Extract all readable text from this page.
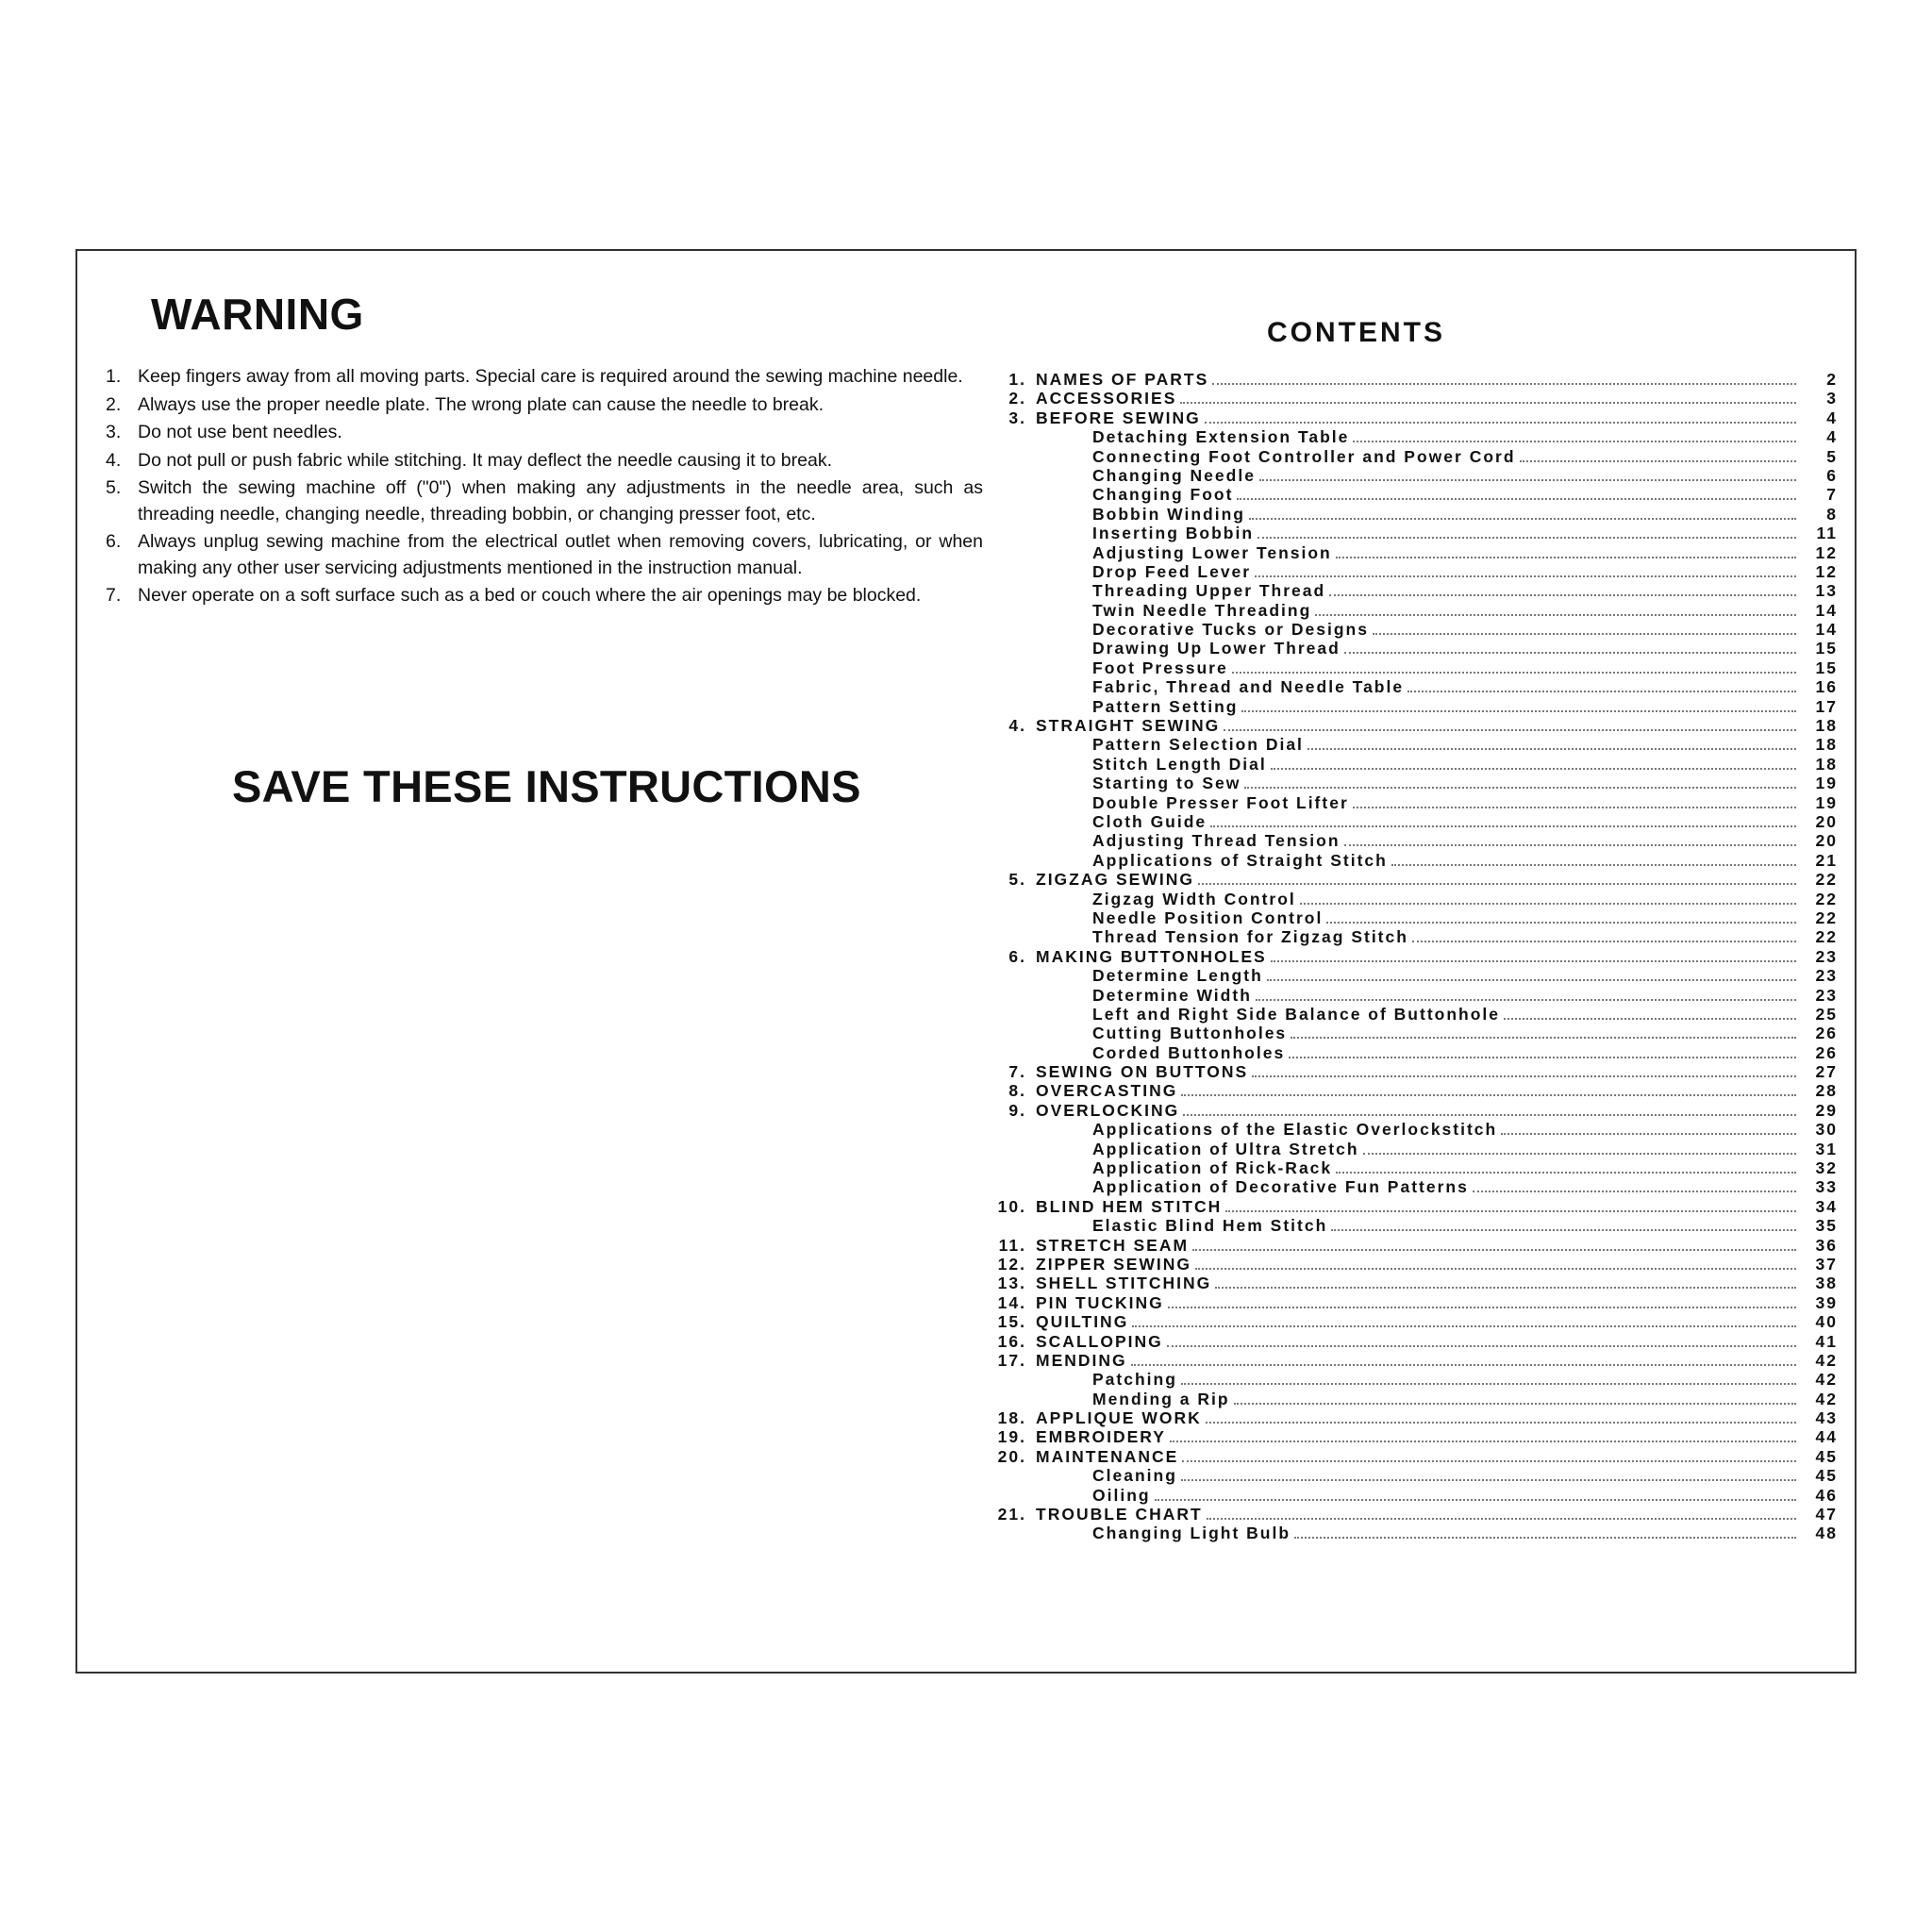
WARNING
1. Keep fingers away from all moving parts. Special care is required around the sewing machine needle.
2. Always use the proper needle plate. The wrong plate can cause the needle to break.
3. Do not use bent needles.
4. Do not pull or push fabric while stitching. It may deflect the needle causing it to break.
5. Switch the sewing machine off ("0") when making any adjustments in the needle area, such as threading needle, changing needle, threading bobbin, or changing presser foot, etc.
6. Always unplug sewing machine from the electrical outlet when removing covers, lubricating, or when making any other user servicing adjustments mentioned in the instruction manual.
7. Never operate on a soft surface such as a bed or couch where the air openings may be blocked.
SAVE THESE INSTRUCTIONS
CONTENTS
1. NAMES OF PARTS	2
2. ACCESSORIES	3
3. BEFORE SEWING	4
Detaching Extension Table	4
Connecting Foot Controller and Power Cord	5
Changing Needle	6
Changing Foot	7
Bobbin Winding	8
Inserting Bobbin	11
Adjusting Lower Tension	12
Drop Feed Lever	12
Threading Upper Thread	13
Twin Needle Threading	14
Decorative Tucks or Designs	14
Drawing Up Lower Thread	15
Foot Pressure	15
Fabric, Thread and Needle Table	16
Pattern Setting	17
4. STRAIGHT SEWING	18
Pattern Selection Dial	18
Stitch Length Dial	18
Starting to Sew	19
Double Presser Foot Lifter	19
Cloth Guide	20
Adjusting Thread Tension	20
Applications of Straight Stitch	21
5. ZIGZAG SEWING	22
Zigzag Width Control	22
Needle Position Control	22
Thread Tension for Zigzag Stitch	22
6. MAKING BUTTONHOLES	23
Determine Length	23
Determine Width	23
Left and Right Side Balance of Buttonhole	25
Cutting Buttonholes	26
Corded Buttonholes	26
7. SEWING ON BUTTONS	27
8. OVERCASTING	28
9. OVERLOCKING	29
Applications of the Elastic Overlockstitch	30
Application of Ultra Stretch	31
Application of Rick-Rack	32
Application of Decorative Fun Patterns	33
10. BLIND HEM STITCH	34
Elastic Blind Hem Stitch	35
11. STRETCH SEAM	36
12. ZIPPER SEWING	37
13. SHELL STITCHING	38
14. PIN TUCKING	39
15. QUILTING	40
16. SCALLOPING	41
17. MENDING	42
Patching	42
Mending a Rip	42
18. APPLIQUE WORK	43
19. EMBROIDERY	44
20. MAINTENANCE	45
Cleaning	45
Oiling	46
21. TROUBLE CHART	47
Changing Light Bulb	48
